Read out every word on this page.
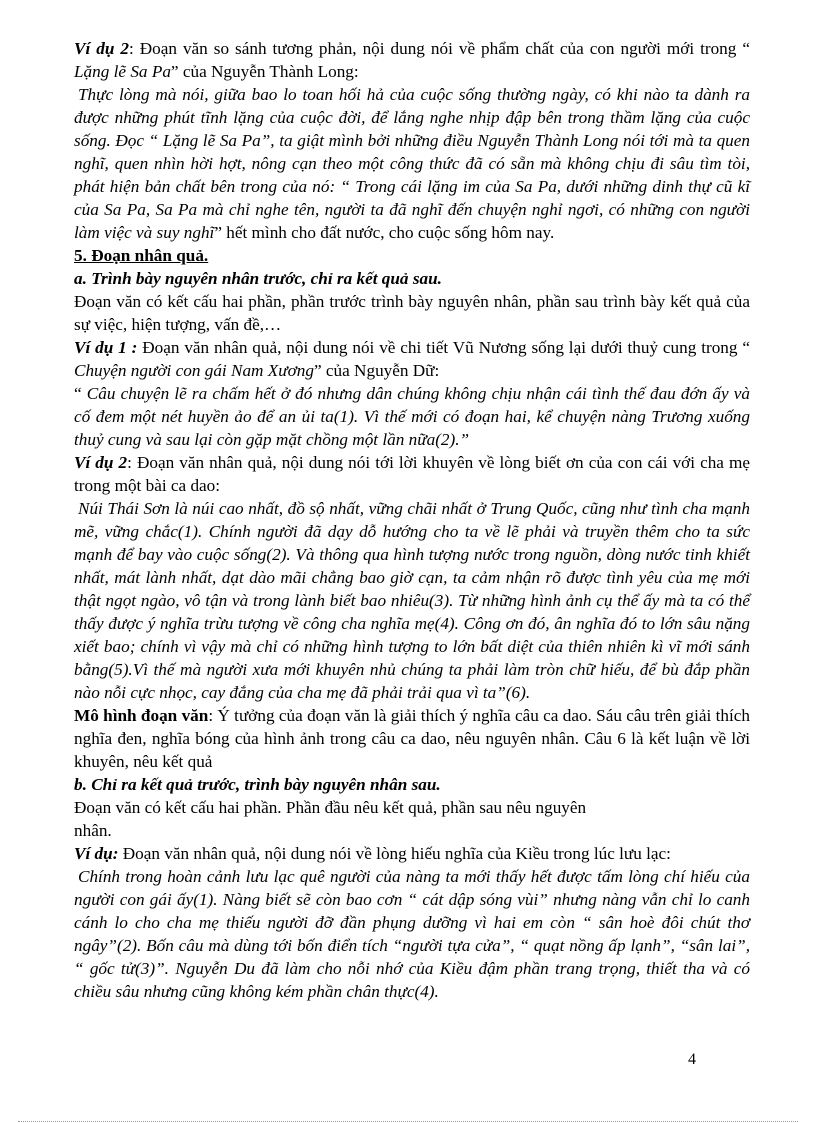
Ví dụ 2: Đoạn văn so sánh tương phản, nội dung nói về phẩm chất của con người mới trong “ Lặng lẽ Sa Pa” của Nguyễn Thành Long:

Thực lòng mà nói, giữa bao lo toan hối hả của cuộc sống thường ngày, có khi nào ta dành ra được những phút tĩnh lặng của cuộc đời, để lắng nghe nhịp đập bên trong thầm lặng của cuộc sống. Đọc “ Lặng lẽ Sa Pa”, ta giật mình bởi những điều Nguyễn Thành Long nói tới mà ta quen nghĩ, quen nhìn hời hợt, nông cạn theo một công thức đã có sẵn mà không chịu đi sâu tìm tòi, phát hiện bản chất bên trong của nó: “ Trong cái lặng im của Sa Pa, dưới những dinh thự cũ kĩ của Sa Pa, Sa Pa mà chỉ nghe tên, người ta đã nghĩ đến chuyện nghỉ ngơi, có những con người làm việc và suy nghĩ” hết mình cho đất nước, cho cuộc sống hôm nay.

5. Đoạn nhân quả.

a. Trình bày nguyên nhân trước, chỉ ra kết quả sau.

Đoạn văn có kết cấu hai phần, phần trước trình bày nguyên nhân, phần sau trình bày kết quả của sự việc, hiện tượng, vấn đề,…

Ví dụ 1 : Đoạn văn nhân quả, nội dung nói về chi tiết Vũ Nương sống lại dưới thuỷ cung trong “ Chuyện người con gái Nam Xương” của Nguyễn Dữ:

“ Câu chuyện lẽ ra chấm hết ở đó nhưng dân chúng không chịu nhận cái tình thế đau đớn ấy và cố đem một nét huyền ảo để an ủi ta(1). Vì thế mới có đoạn hai, kể chuyện nàng Trương xuống thuỷ cung và sau lại còn gặp mặt chồng một lần nữa(2).”

Ví dụ 2: Đoạn văn nhân quả, nội dung nói tới lời khuyên về lòng biết ơn của con cái với cha mẹ trong một bài ca dao:

Núi Thái Sơn là núi cao nhất, đồ sộ nhất, vững chãi nhất ở Trung Quốc, cũng như tình cha mạnh mẽ, vững chắc(1). Chính người đã dạy dỗ hướng cho ta về lẽ phải và truyền thêm cho ta sức mạnh để bay vào cuộc sống(2). Và thông qua hình tượng nước trong nguồn, dòng nước tinh khiết nhất, mát lành nhất, dạt dào mãi chẳng bao giờ cạn, ta cảm nhận rõ được tình yêu của mẹ mới thật ngọt ngào, vô tận và trong lành biết bao nhiêu(3). Từ những hình ảnh cụ thể ấy mà ta có thể thấy được ý nghĩa trừu tượng về công cha nghĩa mẹ(4). Công ơn đó, ân nghĩa đó to lớn sâu nặng xiết bao; chính vì vậy mà chỉ có những hình tượng to lớn bất diệt của thiên nhiên kì vĩ mới sánh bằng(5).Vì thế mà người xưa mới khuyên nhủ chúng ta phải làm tròn chữ hiếu, để bù đắp phần nào nỗi cực nhọc, cay đắng của cha mẹ đã phải trải qua vì ta”(6).

Mô hình đoạn văn: Ý tưởng của đoạn văn là giải thích ý nghĩa câu ca dao. Sáu câu trên giải thích nghĩa đen, nghĩa bóng của hình ảnh trong câu ca dao, nêu nguyên nhân. Câu 6 là kết luận về lời khuyên, nêu kết quả

b. Chỉ ra kết quả trước, trình bày nguyên nhân sau.

Đoạn văn có kết cấu hai phần. Phần đầu nêu kết quả, phần sau nêu nguyên
nhân.

Ví dụ: Đoạn văn nhân quả, nội dung nói về lòng hiếu nghĩa của Kiều trong lúc lưu lạc:

Chính trong hoàn cảnh lưu lạc quê người của nàng ta mới thấy hết được tấm lòng chí hiếu của người con gái ấy(1). Nàng biết sẽ còn bao cơn “ cát dập sóng vùi” nhưng nàng vẫn chỉ lo canh cánh lo cho cha mẹ thiếu người đỡ đần phụng dưỡng vì hai em còn “ sân hoè đôi chút thơ ngây”(2). Bốn câu mà dùng tới bốn điển tích “người tựa cửa”, “ quạt nồng ấp lạnh”, “sân lai”, “ gốc tử(3)”. Nguyễn Du đã làm cho nỗi nhớ của Kiều đậm phần trang trọng, thiết tha và có chiều sâu nhưng cũng không kém phần chân thực(4).

4
